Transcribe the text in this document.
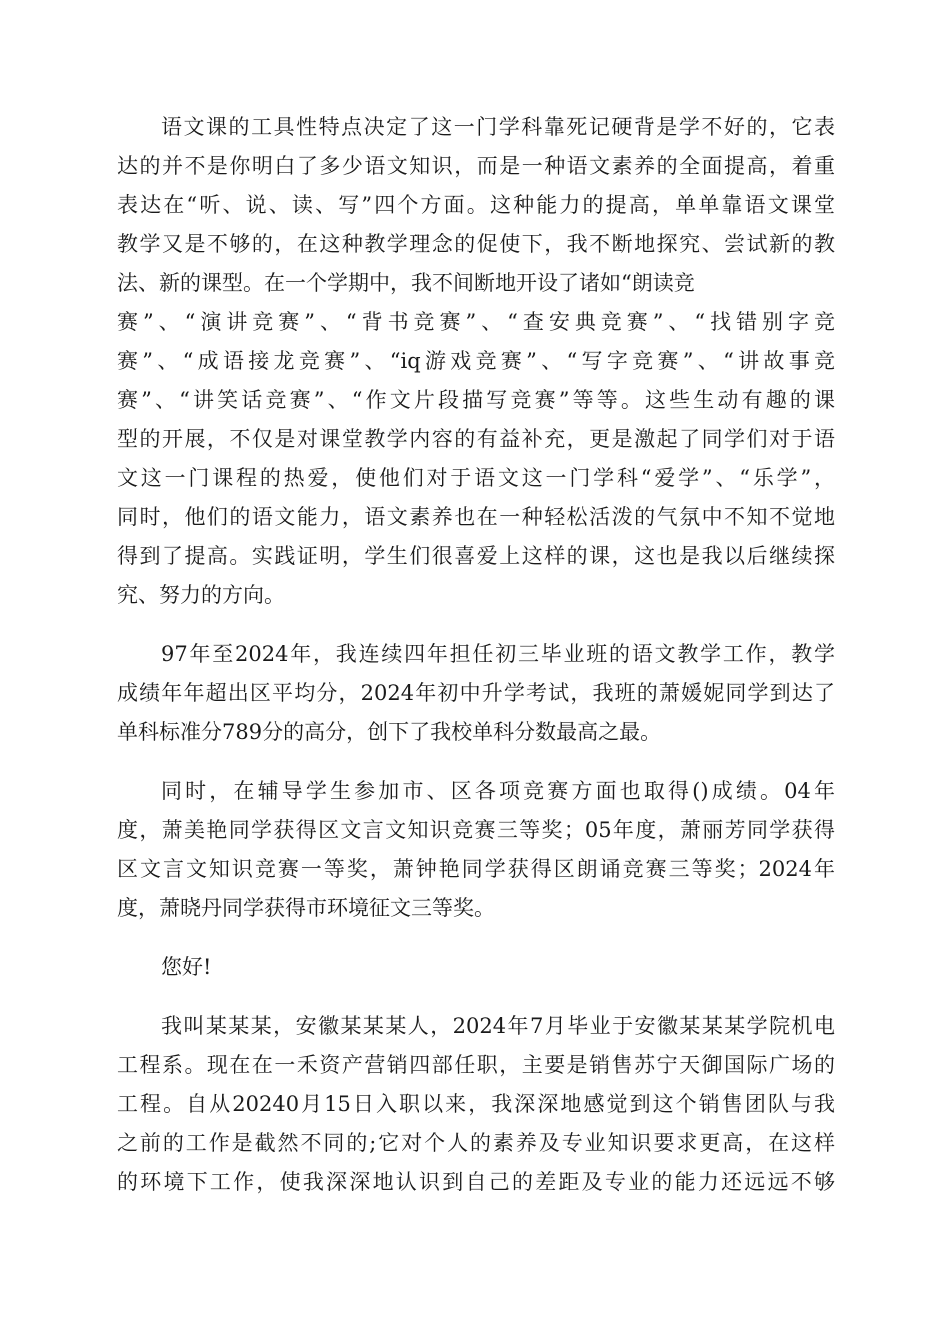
语文课的工具性特点决定了这一门学科靠死记硬背是学不好的，它表
达的并不是你明白了多少语文知识，而是一种语文素养的全面提高，着重
表达在“听、说、读、写”四个方面。这种能力的提高，单单靠语文课堂
教学又是不够的，在这种教学理念的促使下，我不断地探究、尝试新的教
法、新的课型。在一个学期中，我不间断地开设了诸如“朗读竞
赛”、“演讲竞赛”、“背书竞赛”、“查安典竞赛”、“找错别字竞
赛”、“成语接龙竞赛”、“iq游戏竞赛”、“写字竞赛”、“讲故事竞
赛”、“讲笑话竞赛”、“作文片段描写竞赛”等等。这些生动有趣的课
型的开展，不仅是对课堂教学内容的有益补充，更是激起了同学们对于语
文这一门课程的热爱，使他们对于语文这一门学科“爱学”、“乐学”，
同时，他们的语文能力，语文素养也在一种轻松活泼的气氛中不知不觉地
得到了提高。实践证明，学生们很喜爱上这样的课，这也是我以后继续探
究、努力的方向。
97年至2024年，我连续四年担任初三毕业班的语文教学工作，教学
成绩年年超出区平均分，2024年初中升学考试，我班的萧媛妮同学到达了
单科标准分789分的高分，创下了我校单科分数最高之最。
同时，在辅导学生参加市、区各项竞赛方面也取得()成绩。04年
度，萧美艳同学获得区文言文知识竞赛三等奖；05年度，萧丽芳同学获得
区文言文知识竞赛一等奖，萧钟艳同学获得区朗诵竞赛三等奖；2024年
度，萧晓丹同学获得市环境征文三等奖。
您好!
我叫某某某，安徽某某某人，2024年7月毕业于安徽某某某学院机电
工程系。现在在一禾资产营销四部任职，主要是销售苏宁天御国际广场的
工程。自从20240月15日入职以来，我深深地感觉到这个销售团队与我
之前的工作是截然不同的;它对个人的素养及专业知识要求更高，在这样
的环境下工作，使我深深地认识到自己的差距及专业的能力还远远不够
